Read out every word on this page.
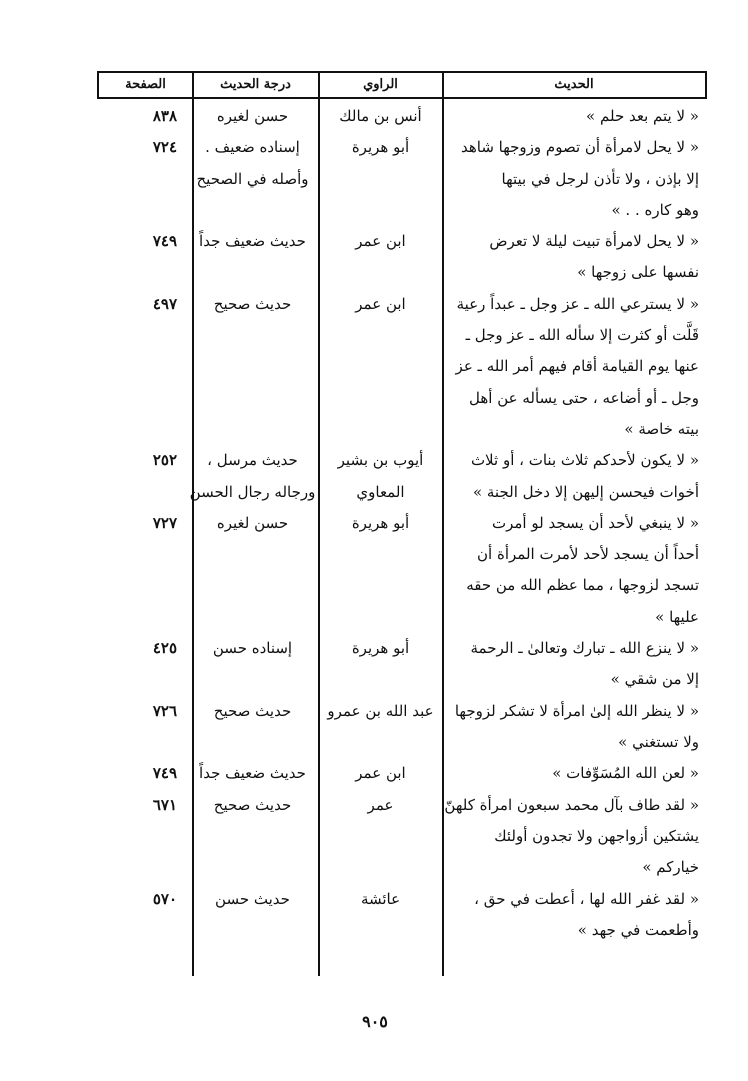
الحديث
الراوي
درجة الحديث
الصفحة
« لا يتم بعد حلم »
أنس بن مالك
حسن لغيره
٨٣٨
« لا يحل لامرأة أن تصوم وزوجها شاهد
إلا بإذن ، ولا تأذن لرجل في بيتها
وهو كاره . . »
أبو هريرة
إسناده ضعيف .
وأصله في الصحيح
٧٢٤
« لا يحل لامرأة تبيت ليلة لا تعرض
نفسها على زوجها »
ابن عمر
حديث ضعيف جداً
٧٤٩
« لا يسترعي الله ـ عز وجل ـ عبداً رعية
قَلَّت أو كثرت إلا سأله الله ـ عز وجل ـ
عنها يوم القيامة أقام فيهم أمر الله ـ عز
وجل ـ أو أضاعه ، حتى يسأله عن أهل
بيته خاصة »
ابن عمر
حديث صحيح
٤٩٧
« لا يكون لأحدكم ثلاث بنات ، أو ثلاث
أخوات فيحسن إليهن إلا دخل الجنة »
أيوب بن بشير
المعاوي
حديث مرسل ،
ورجاله رجال الحسن
٢٥٢
« لا ينبغي لأحد أن يسجد لو أمرت
أحداً أن يسجد لأحد لأمرت المرأة أن
تسجد لزوجها ، مما عظم الله من حقه
عليها »
أبو هريرة
حسن لغيره
٧٢٧
« لا ينزع الله ـ تبارك وتعالىٰ ـ الرحمة
إلا من شقي »
أبو هريرة
إسناده حسن
٤٢٥
« لا ينظر الله إلىٰ امرأة لا تشكر لزوجها
ولا تستغني »
عبد الله بن عمرو
حديث صحيح
٧٢٦
« لعن الله المُسَوِّفات »
ابن عمر
حديث ضعيف جداً
٧٤٩
« لقد طاف بآل محمد سبعون امرأة كلهنّ
يشتكين أزواجهن ولا تجدون أولئك
خياركم »
عمر
حديث صحيح
٦٧١
« لقد غفر الله لها ، أعطت في حق ،
وأطعمت في جهد »
عائشة
حديث حسن
٥٧٠
٩٠٥
